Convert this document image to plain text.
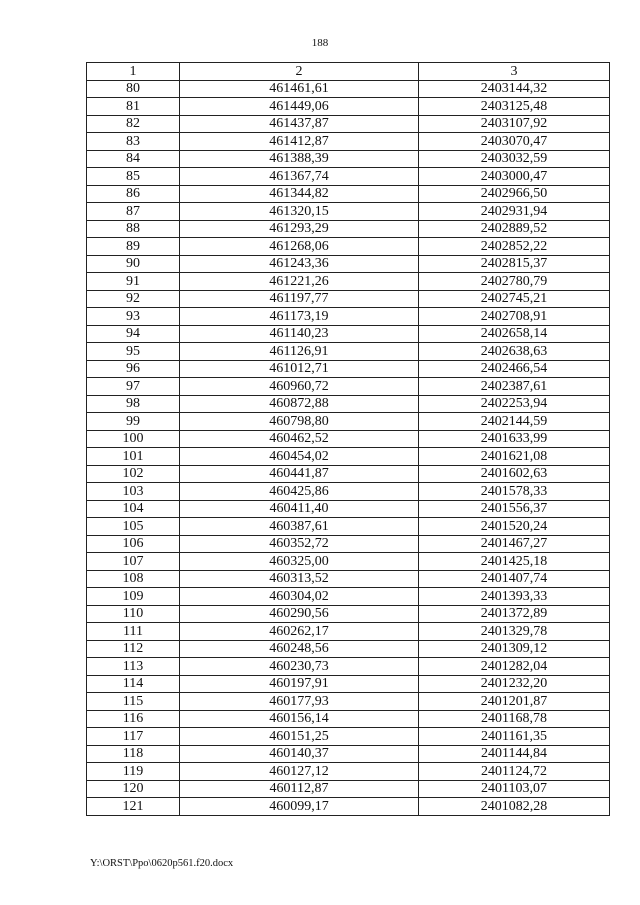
188
1	2	3
80	461461,61	2403144,32
81	461449,06	2403125,48
82	461437,87	2403107,92
83	461412,87	2403070,47
84	461388,39	2403032,59
85	461367,74	2403000,47
86	461344,82	2402966,50
87	461320,15	2402931,94
88	461293,29	2402889,52
89	461268,06	2402852,22
90	461243,36	2402815,37
91	461221,26	2402780,79
92	461197,77	2402745,21
93	461173,19	2402708,91
94	461140,23	2402658,14
95	461126,91	2402638,63
96	461012,71	2402466,54
97	460960,72	2402387,61
98	460872,88	2402253,94
99	460798,80	2402144,59
100	460462,52	2401633,99
101	460454,02	2401621,08
102	460441,87	2401602,63
103	460425,86	2401578,33
104	460411,40	2401556,37
105	460387,61	2401520,24
106	460352,72	2401467,27
107	460325,00	2401425,18
108	460313,52	2401407,74
109	460304,02	2401393,33
110	460290,56	2401372,89
111	460262,17	2401329,78
112	460248,56	2401309,12
113	460230,73	2401282,04
114	460197,91	2401232,20
115	460177,93	2401201,87
116	460156,14	2401168,78
117	460151,25	2401161,35
118	460140,37	2401144,84
119	460127,12	2401124,72
120	460112,87	2401103,07
121	460099,17	2401082,28
Y:\ORST\Ppo\0620p561.f20.docx
